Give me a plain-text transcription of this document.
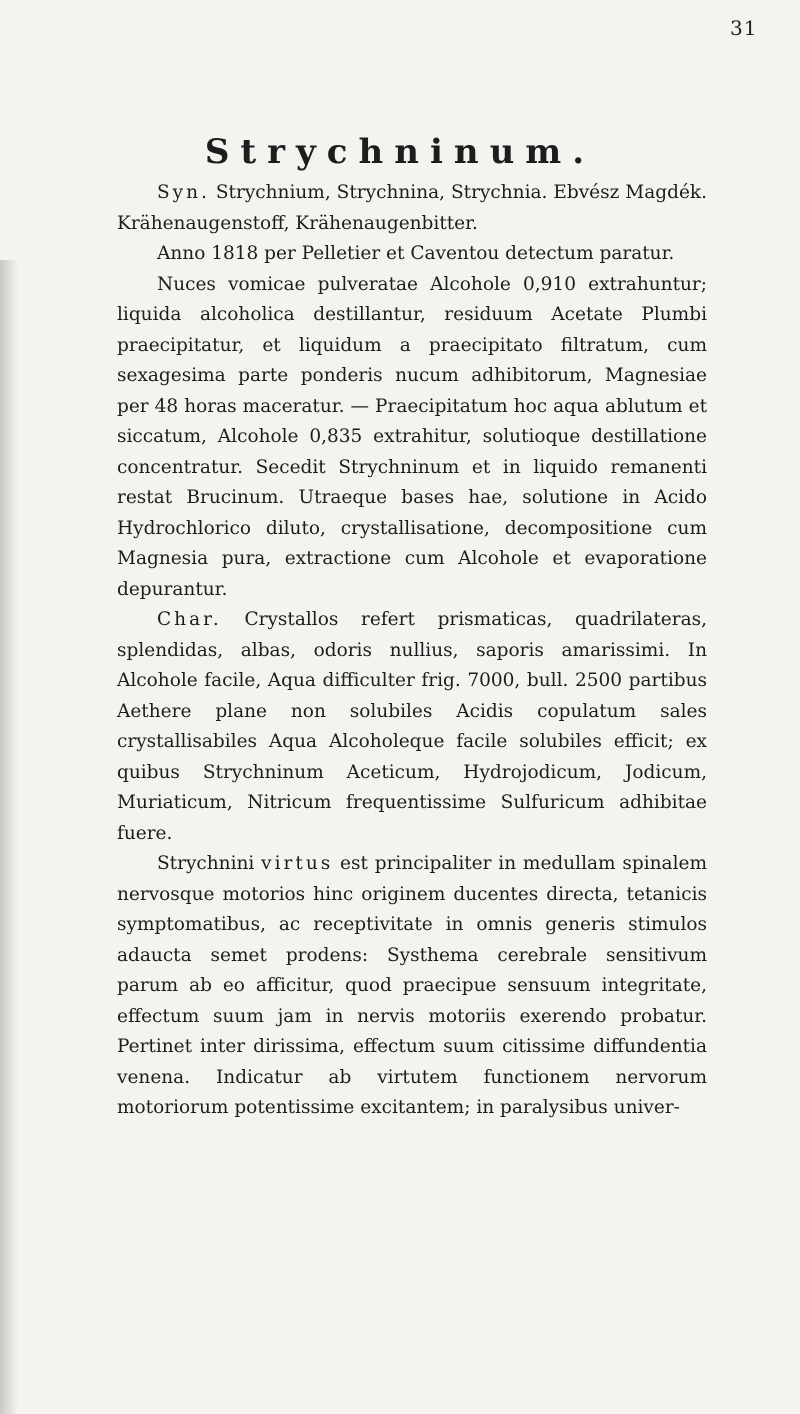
31
Strychninum.

Syn. Strychnium, Strychnina, Strychnia. Ebvész Magdék. Krähenaugenstoff, Krähenaugenbitter.

Anno 1818 per Pelletier et Caventou detectum paratur.

Nuces vomicae pulveratae Alcohole 0,910 extrahuntur; liquida alcoholica destillantur, residuum Acetate Plumbi praecipitatur, et liquidum a praecipitato filtratum, cum sexagesima parte ponderis nucum adhibitorum, Magnesiae per 48 horas maceratur. — Praecipitatum hoc aqua ablutum et siccatum, Alcohole 0,835 extrahitur, solutioque destillatione concentratur. Secedit Strychninum et in liquido remanenti restat Brucinum. Utraeque bases hae, solutione in Acido Hydrochlorico diluto, crystallisatione, decompositione cum Magnesia pura, extractione cum Alcohole et evaporatione depurantur.

Char. Crystallos refert prismaticas, quadrilateras, splendidas, albas, odoris nullius, saporis amarissimi. In Alcohole facile, Aqua difficulter frig. 7000, bull. 2500 partibus Aethere plane non solubiles Acidis copulatum sales crystallisabiles Aqua Alcoholeque facile solubiles efficit; ex quibus Strychninum Aceticum, Hydrojodicum, Jodicum, Muriaticum, Nitricum frequentissime Sulfuricum adhibitae fuere.

Strychnini virtus est principaliter in medullam spinalem nervosque motorios hinc originem ducentes directa, tetanicis symptomatibus, ac receptivitate in omnis generis stimulos adaucta semet prodens: Systhema cerebrale sensitivum parum ab eo afficitur, quod praecipue sensuum integritate, effectum suum jam in nervis motoriis exerendo probatur. Pertinet inter dirissima, effectum suum citissime diffundentia venena. Indicatur ab virtutem functionem nervorum motoriorum potentissime excitantem; in paralysibus univer-
